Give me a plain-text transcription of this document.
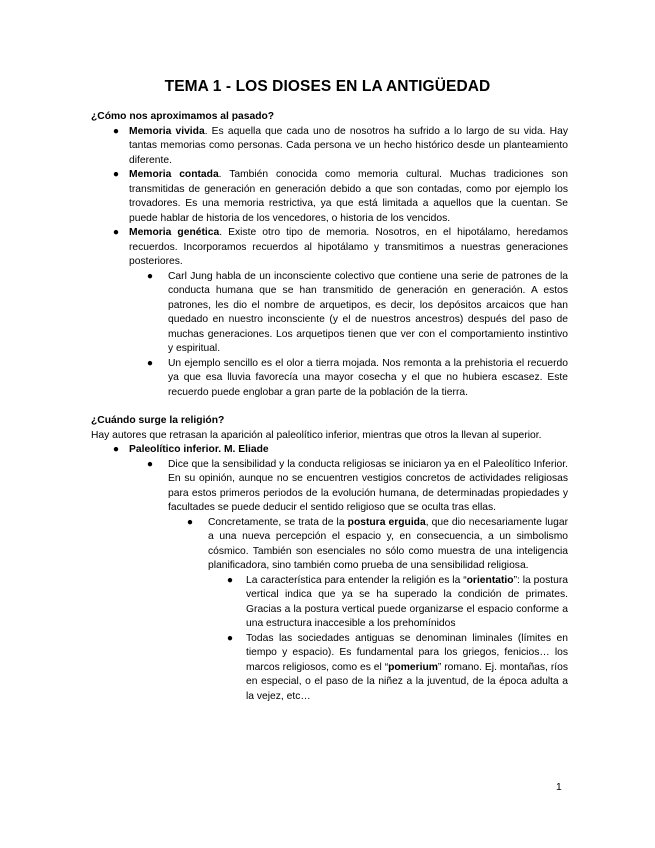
TEMA 1 - LOS DIOSES EN LA ANTIGÜEDAD

¿Cómo nos aproximamos al pasado?

● Memoria vivida. Es aquella que cada uno de nosotros ha sufrido a lo largo de su vida. Hay tantas memorias como personas. Cada persona ve un hecho histórico desde un planteamiento diferente.
● Memoria contada. También conocida como memoria cultural. Muchas tradiciones son transmitidas de generación en generación debido a que son contadas, como por ejemplo los trovadores. Es una memoria restrictiva, ya que está limitada a aquellos que la cuentan. Se puede hablar de historia de los vencedores, o historia de los vencidos.
● Memoria genética. Existe otro tipo de memoria. Nosotros, en el hipotálamo, heredamos recuerdos. Incorporamos recuerdos al hipotálamo y transmitimos a nuestras generaciones posteriores.
● Carl Jung habla de un inconsciente colectivo que contiene una serie de patrones de la conducta humana que se han transmitido de generación en generación. A estos patrones, les dio el nombre de arquetipos, es decir, los depósitos arcaicos que han quedado en nuestro inconsciente (y el de nuestros ancestros) después del paso de muchas generaciones. Los arquetipos tienen que ver con el comportamiento instintivo y espiritual.
● Un ejemplo sencillo es el olor a tierra mojada. Nos remonta a la prehistoria el recuerdo ya que esa lluvia favorecía una mayor cosecha y el que no hubiera escasez. Este recuerdo puede englobar a gran parte de la población de la tierra.

¿Cuándo surge la religión?

Hay autores que retrasan la aparición al paleolítico inferior, mientras que otros la llevan al superior.

● Paleolítico inferior. M. Eliade
● Dice que la sensibilidad y la conducta religiosas se iniciaron ya en el Paleolítico Inferior. En su opinión, aunque no se encuentren vestigios concretos de actividades religiosas para estos primeros periodos de la evolución humana, de determinadas propiedades y facultades se puede deducir el sentido religioso que se oculta tras ellas.
● Concretamente, se trata de la postura erguida, que dio necesariamente lugar a una nueva percepción el espacio y, en consecuencia, a un simbolismo cósmico. También son esenciales no sólo como muestra de una inteligencia planificadora, sino también como prueba de una sensibilidad religiosa.
● La característica para entender la religión es la “orientatio”: la postura vertical indica que ya se ha superado la condición de primates. Gracias a la postura vertical puede organizarse el espacio conforme a una estructura inaccesible a los prehomínidos
● Todas las sociedades antiguas se denominan liminales (límites en tiempo y espacio). Es fundamental para los griegos, fenicios… los marcos religiosos, como es el “pomerium” romano. Ej. montañas, ríos en especial, o el paso de la niñez a la juventud, de la época adulta a la vejez, etc…
1
